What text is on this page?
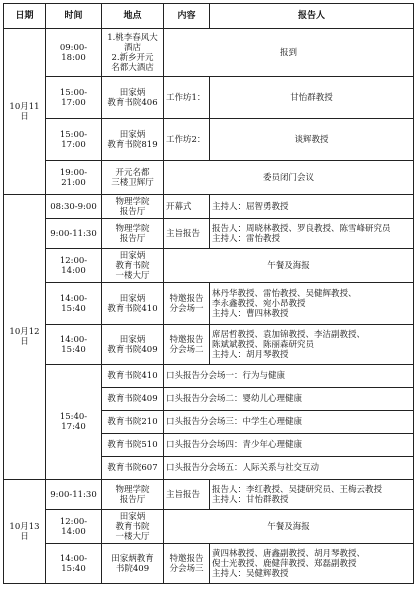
日期	时间	地点	内容	报告人
10月11日	09:00-18:00	1.桃李春风大
酒店
2.新乡开元
名都大酒店	报到	
	15:00-17:00	田家炳
教育书院406	工作坊1：	甘怡群教授
	15:00-17:00	田家炳
教育书院819	工作坊2：	谈辉教授
	19:00-21:00	开元名都
三楼卫辉厅	委员闭门会议	
10月12日	08:30-9:00	物理学院
报告厅	开幕式	主持人：屈智勇教授
	9:00-11:30	物理学院
报告厅	主旨报告	报告人：周晓林教授、罗良教授、陈雪峰研究员
主持人：雷怡教授

	12:00-14:00	田家炳
教育书院
一楼大厅	午餐及海报	
	14:00-15:40	田家炳
教育书院410	特邀报告
分会场一	林丹华教授、雷怡教授、吴健辉教授、
李永鑫教授、宛小昂教授
主持人：曹四林教授

	14:00-15:40	田家炳
教育书院409	特邀报告
分会场二	席居哲教授、袁加锦教授、李洁副教授、
陈斌斌教授、陈丽森研究员
主持人：胡月琴教授

	15:40-17:40	教育书院410	口头报告分会场一：行为与健康	
		教育书院409	口头报告分会场二：婴幼儿心理健康	
		教育书院210	口头报告分会场三：中学生心理健康	
		教育书院510	口头报告分会场四：青少年心理健康	
		教育书院607	口头报告分会场五：人际关系与社交互动	
10月13日	9:00-11:30	物理学院
报告厅	主旨报告	报告人：李红教授、吴捷研究员、王梅云教授
主持人：甘怡群教授

	12:00-14:00	田家炳
教育书院
一楼大厅	午餐及海报	
	14:00-15:40	田家炳教育
书院409	特邀报告
分会场三	黄四林教授、唐鑫副教授、胡月琴教授、
倪士光教授、鹿健萍教授、郑磊副教授
主持人：吴健辉教授
